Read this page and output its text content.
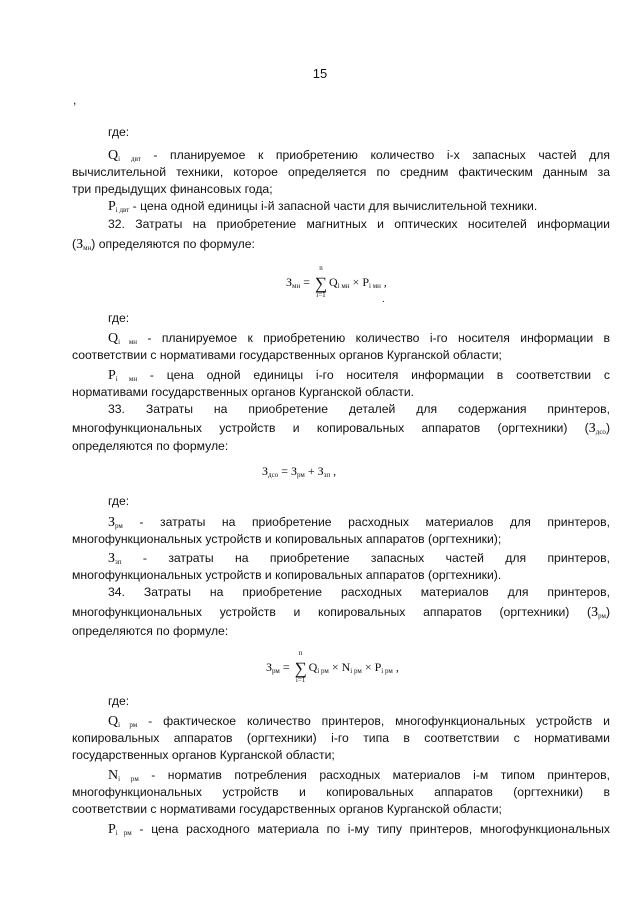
15
,
где:
$Q_{i двт}$ - планируемое к приобретению количество i-х запасных частей для
вычислительной техники, которое определяется по средним фактическим данным за
три предыдущих финансовых года;
$P_{i двт}$ - цена одной единицы i-й запасной части для вычислительной техники.
32. Затраты на приобретение магнитных и оптических носителей информации
$(З_{мн})$ определяются по формуле:
$З_{мн}$ = ∑
n
i=1
$Q_{i мн} \times P_{i мн}$ ,
.
где:
$Q_{i мн}$ - планируемое к приобретению количество i-го носителя информации в
соответствии с нормативами государственных органов Курганской области;
$P_{i мн}$ - цена одной единицы i-го носителя информации в соответствии с
нормативами государственных органов Курганской области.
33. Затраты на приобретение деталей для содержания принтеров,
многофункциональных устройств и копировальных аппаратов (оргтехники) $(З_{дсо})$
определяются по формуле:
$З_{дсо} = З_{рм} + З_{зп}$ ,
где:
$З_{рм}$ - затраты на приобретение расходных материалов для принтеров,
многофункциональных устройств и копировальных аппаратов (оргтехники);
$З_{зп}$ - затраты на приобретение запасных частей для принтеров,
многофункциональных устройств и копировальных аппаратов (оргтехники).
34. Затраты на приобретение расходных материалов для принтеров,
многофункциональных устройств и копировальных аппаратов (оргтехники) $(З_{рм})$
определяются по формуле:
$З_{рм}$ = ∑
n
i=1
$Q_{i рм} \times N_{i рм} \times P_{i рм}$ ,
где:
$Q_{i рм}$ - фактическое количество принтеров, многофункциональных устройств и
копировальных аппаратов (оргтехники) i-го типа в соответствии с нормативами
государственных органов Курганской области;
$N_{i рм}$ - норматив потребления расходных материалов i-м типом принтеров,
многофункциональных устройств и копировальных аппаратов (оргтехники) в
соответствии с нормативами государственных органов Курганской области;
$P_{i рм}$ - цена расходного материала по i-му типу принтеров, многофункциональных
